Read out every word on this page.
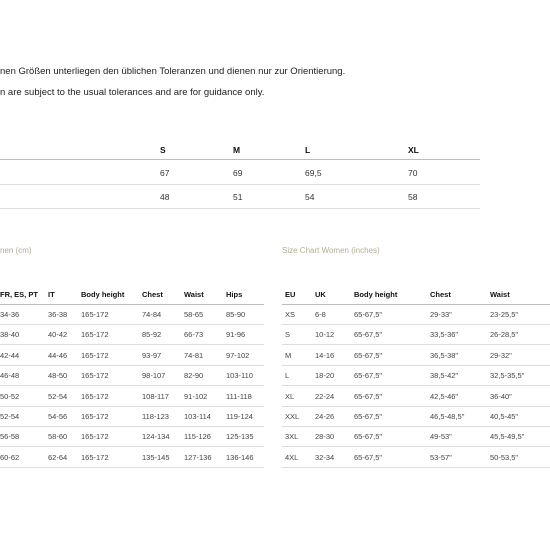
nen Größen unterliegen den üblichen Toleranzen und dienen nur zur Orientierung.
n are subject to the usual tolerances and are for guidance only.
S	M	L	XL
67	69	69,5	70
48	51	54	58
nen (cm)	Size Chart Women (inches)
FR, ES, PT IT	Body height Chest	Waist	Hips
34-36	36-38 165-172	74-84	58-65	85-90
38-40	40-42 165-172	85-92	66-73	91-96
42-44	44-46 165-172	93-97	74-81	97-102
46-48	48-50 165-172	98-107 82-90	103-110
50-52	52-54 165-172	108-117 91-102 111-118
52-54	54-56 165-172	118-123 103-114 119-124
56-58	58-60 165-172	124-134 115-126 125-135
60-62	62-64 165-172	135-145 127-136 136-146
EU	UK	Body height	Chest	Waist
XS	6-8	65-67,5"	29-33"	23-25,5"
S	10-12	65-67,5"	33,5-36"	26-28,5"
M	14-16	65-67,5"	36,5-38"	29-32"
L	18-20	65-67,5"	38,5-42"	32,5-35,5"
XL	22-24	65-67,5"	42,5-46"	36-40"
XXL 24-26	65-67,5"	46,5-48,5"	40,5-45"
3XL 28-30	65-67,5"	49-53"	45,5-49,5"
4XL 32-34	65-67,5"	53-57"	50-53,5"
